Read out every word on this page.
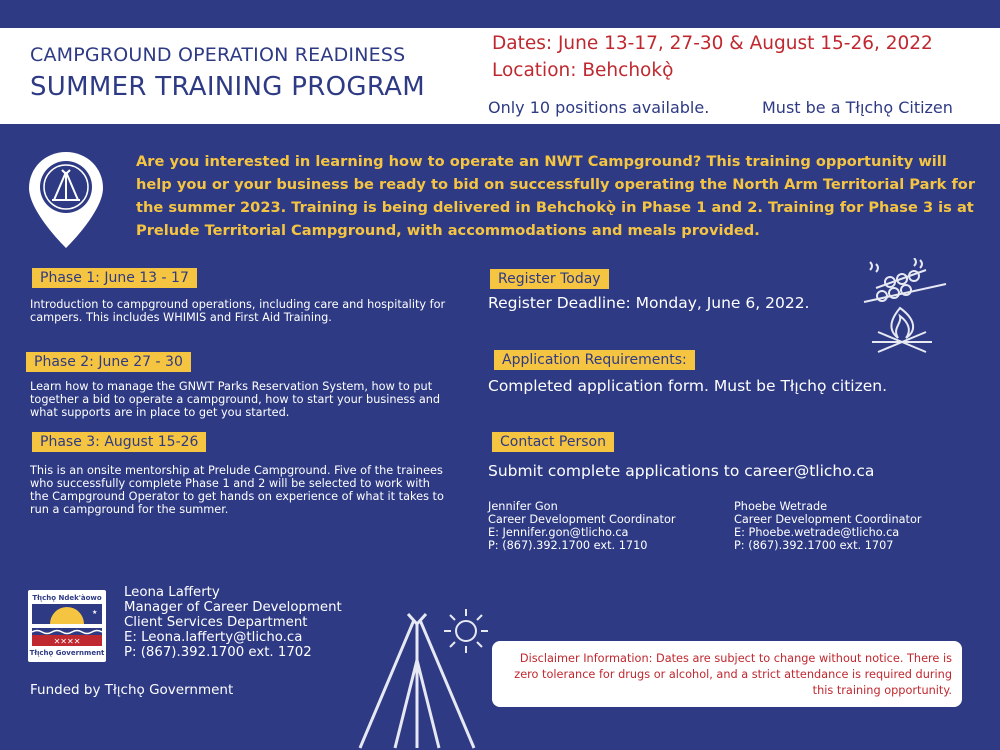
CAMPGROUND OPERATION READINESS
SUMMER TRAINING PROGRAM
Dates: June 13-17, 27-30 & August 15-26, 2022
Location: Behchokǫ̀
Only 10 positions available.	Must be a Tłı̨chǫ Citizen
Are you interested in learning how to operate an NWT Campground? This training opportunity will help you or your business be ready to bid on successfully operating the North Arm Territorial Park for the summer 2023. Training is being delivered in Behchokǫ̀ in Phase 1 and 2. Training for Phase 3 is at Prelude Territorial Campground, with accommodations and meals provided.
Phase 1: June 13 - 17
Introduction to campground operations, including care and hospitality for campers. This includes WHIMIS and First Aid Training.
Phase 2: June 27 - 30
Learn how to manage the GNWT Parks Reservation System, how to put together a bid to operate a campground, how to start your business and what supports are in place to get you started.
Phase 3: August 15-26
This is an onsite mentorship at Prelude Campground. Five of the trainees who successfully complete Phase 1 and 2 will be selected to work with the Campground Operator to get hands on experience of what it takes to run a campground for the summer.
Register Today
Register Deadline: Monday, June 6, 2022.
Application Requirements:
Completed application form. Must be Tłı̨chǫ citizen.
Contact Person
Submit complete applications to career@tlicho.ca
Jennifer Gon
Career Development Coordinator
E: Jennifer.gon@tlicho.ca
P: (867).392.1700 ext. 1710
Phoebe Wetrade
Career Development Coordinator
E: Phoebe.wetrade@tlicho.ca
P: (867).392.1700 ext. 1707
Tłı̨chǫ Ndek'àowo
✕✕✕✕
★
Tłı̨chǫ Government
Leona Lafferty
Manager of Career Development
Client Services Department
E: Leona.lafferty@tlicho.ca
P: (867).392.1700 ext. 1702
Funded by Tłı̨chǫ Government
Disclaimer Information: Dates are subject to change without notice. There is zero tolerance for drugs or alcohol, and a strict attendance is required during this training opportunity.
